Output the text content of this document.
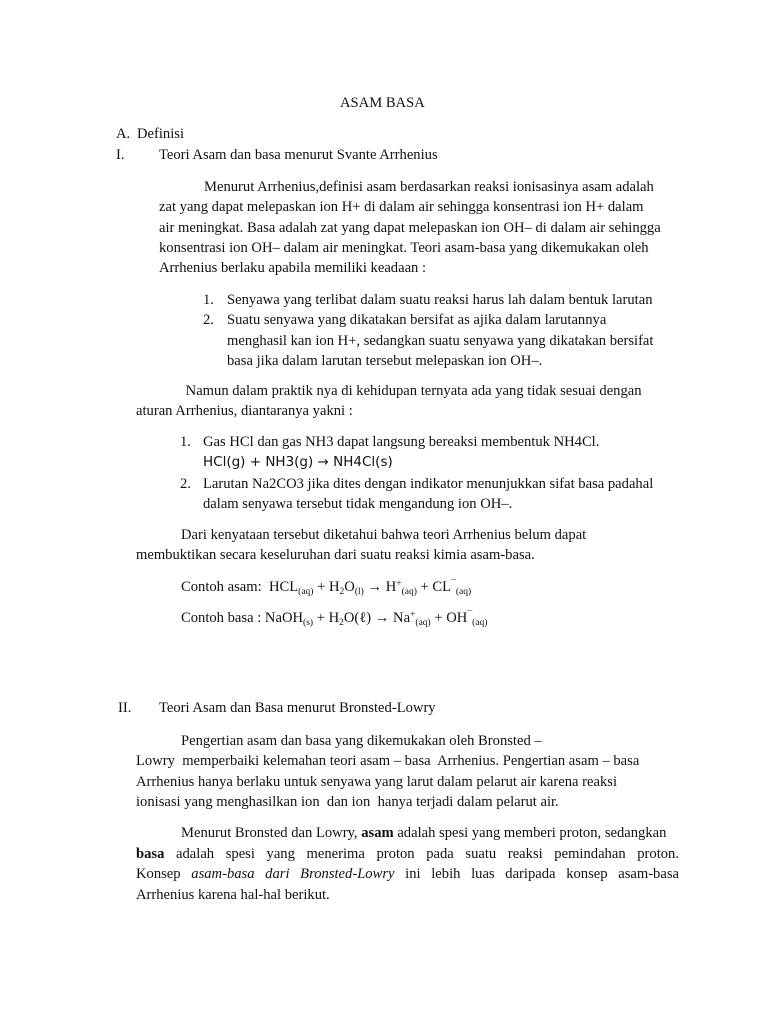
ASAM BASA
A. Definisi
I. Teori Asam dan basa menurut Svante Arrhenius
Menurut Arrhenius,definisi asam berdasarkan reaksi ionisasinya asam adalah
zat yang dapat melepaskan ion H+ di dalam air sehingga konsentrasi ion H+ dalam
air meningkat. Basa adalah zat yang dapat melepaskan ion OH– di dalam air sehingga
konsentrasi ion OH– dalam air meningkat. Teori asam-basa yang dikemukakan oleh
Arrhenius berlaku apabila memiliki keadaan :
1. Senyawa yang terlibat dalam suatu reaksi harus lah dalam bentuk larutan
2. Suatu senyawa yang dikatakan bersifat as ajika dalam larutannya
menghasil kan ion H+, sedangkan suatu senyawa yang dikatakan bersifat
basa jika dalam larutan tersebut melepaskan ion OH–.
Namun dalam praktik nya di kehidupan ternyata ada yang tidak sesuai dengan
aturan Arrhenius, diantaranya yakni :
1. Gas HCl dan gas NH3 dapat langsung bereaksi membentuk NH4Cl.
HCl(g) + NH3(g) → NH4Cl(s)
2. Larutan Na2CO3 jika dites dengan indikator menunjukkan sifat basa padahal
dalam senyawa tersebut tidak mengandung ion OH–.
Dari kenyataan tersebut diketahui bahwa teori Arrhenius belum dapat
membuktikan secara keseluruhan dari suatu reaksi kimia asam-basa.
Contoh asam: $HCL_{(aq)} + H_2O_{(l)} \to H^+_{(aq)} + CL^¯_{(aq)}$
Contoh basa : NaOH$_{(s)}$ + $H_2O(\ell) \to Na^+_{(aq)} + OH^¯_{(aq)}$
II. Teori Asam dan Basa menurut Bronsted-Lowry
Pengertian asam dan basa yang dikemukakan oleh Bronsted –
Lowry  memperbaiki kelemahan teori asam – basa  Arrhenius. Pengertian asam – basa
Arrhenius hanya berlaku untuk senyawa yang larut dalam pelarut air karena reaksi
ionisasi yang menghasilkan ion  dan ion  hanya terjadi dalam pelarut air.
Menurut Bronsted dan Lowry, asam adalah spesi yang memberi proton, sedangkan
basa adalah spesi yang menerima proton pada suatu reaksi pemindahan proton.
Konsep asam-basa dari Bronsted-Lowry ini lebih luas daripada konsep asam-basa
Arrhenius karena hal-hal berikut.
